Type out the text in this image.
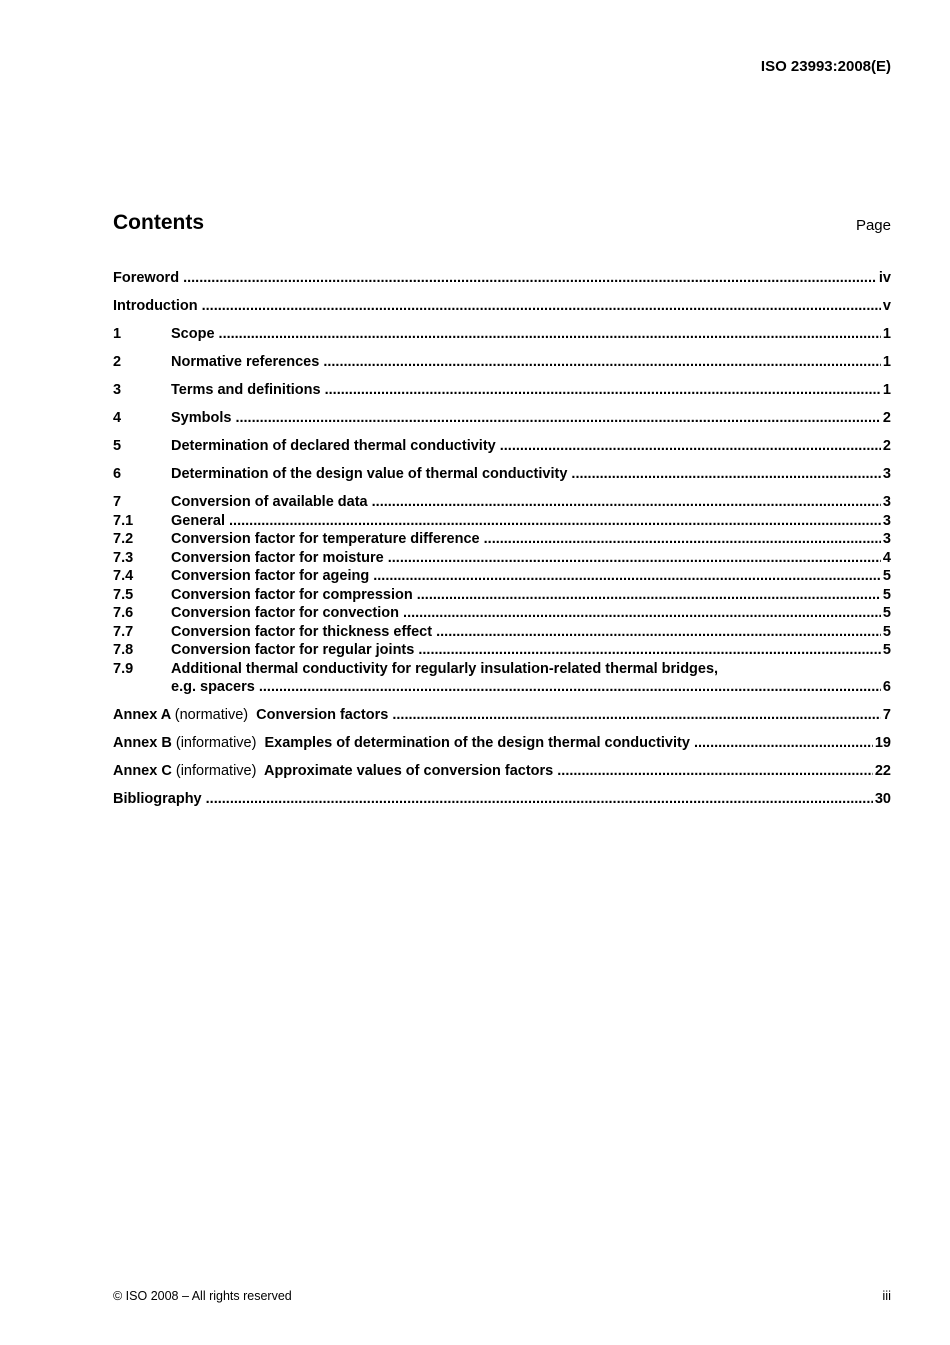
ISO 23993:2008(E)
Contents	Page
Foreword .....	iv
Introduction .....	v
1	Scope .....	1
2	Normative references .....	1
3	Terms and definitions .....	1
4	Symbols .....	2
5	Determination of declared thermal conductivity .....	2
6	Determination of the design value of thermal conductivity .....	3
7	Conversion of available data .....	3
7.1	General .....	3
7.2	Conversion factor for temperature difference .....	3
7.3	Conversion factor for moisture .....	4
7.4	Conversion factor for ageing .....	5
7.5	Conversion factor for compression .....	5
7.6	Conversion factor for convection .....	5
7.7	Conversion factor for thickness effect .....	5
7.8	Conversion factor for regular joints .....	5
7.9	Additional thermal conductivity for regularly insulation-related thermal bridges,
e.g. spacers .....	6
Annex A (normative) Conversion factors .....	7
Annex B (informative) Examples of determination of the design thermal conductivity .....	19
Annex C (informative) Approximate values of conversion factors .....	22
Bibliography .....	30
© ISO 2008 – All rights reserved	iii
